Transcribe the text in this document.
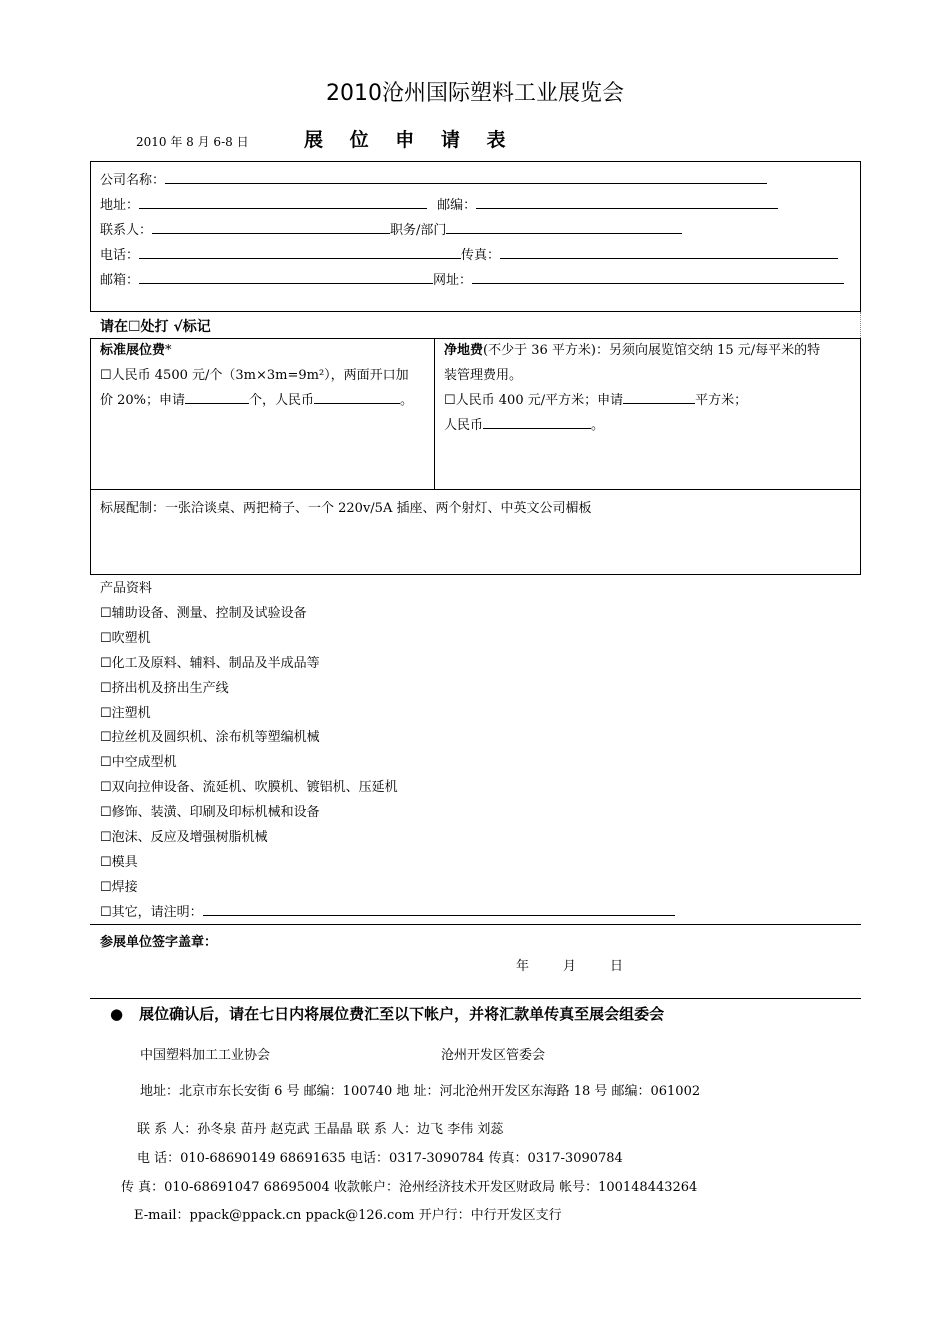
2010沧州国际塑料工业展览会
2010 年 8 月 6-8 日	展 位 申 请 表
公司名称：
地址：	邮编：
联系人：	职务/部门
电话：	传真：
邮箱：	网址：
请在☐处打 √标记
标准展位费*
☐人民币 4500 元/个（3m×3m=9m²），两面开口加
价 20%；申请	个，人民币	。
净地费(不少于 36 平方米)：另须向展览馆交纳 15 元/每平米的特
装管理费用。
☐人民币 400 元/平方米；申请	平方米；
人民币	。
标展配制：一张洽谈桌、两把椅子、一个 220v/5A 插座、两个射灯、中英文公司楣板
产品资料
☐辅助设备、测量、控制及试验设备
☐吹塑机
☐化工及原料、辅料、制品及半成品等
☐挤出机及挤出生产线
☐注塑机
☐拉丝机及圆织机、涂布机等塑编机械
☐中空成型机
☐双向拉伸设备、流延机、吹膜机、镀铝机、压延机
☐修饰、装潢、印刷及印标机械和设备
☐泡沫、反应及增强树脂机械
☐模具
☐焊接
☐其它，请注明：
参展单位签字盖章：
年	月	日
● 展位确认后，请在七日内将展位费汇至以下帐户，并将汇款单传真至展会组委会
中国塑料加工工业协会	沧州开发区管委会
地址：北京市东长安街 6 号 邮编：100740 地 址：河北沧州开发区东海路 18 号 邮编：061002
联 系 人：孙冬泉 苗丹 赵克武 王晶晶 联 系 人：边飞 李伟 刘蕊
电 话：010-68690149 68691635 电话：0317-3090784 传真：0317-3090784
传 真：010-68691047 68695004 收款帐户：沧州经济技术开发区财政局 帐号：100148443264
E-mail：ppack@ppack.cn ppack@126.com 开户行：中行开发区支行
